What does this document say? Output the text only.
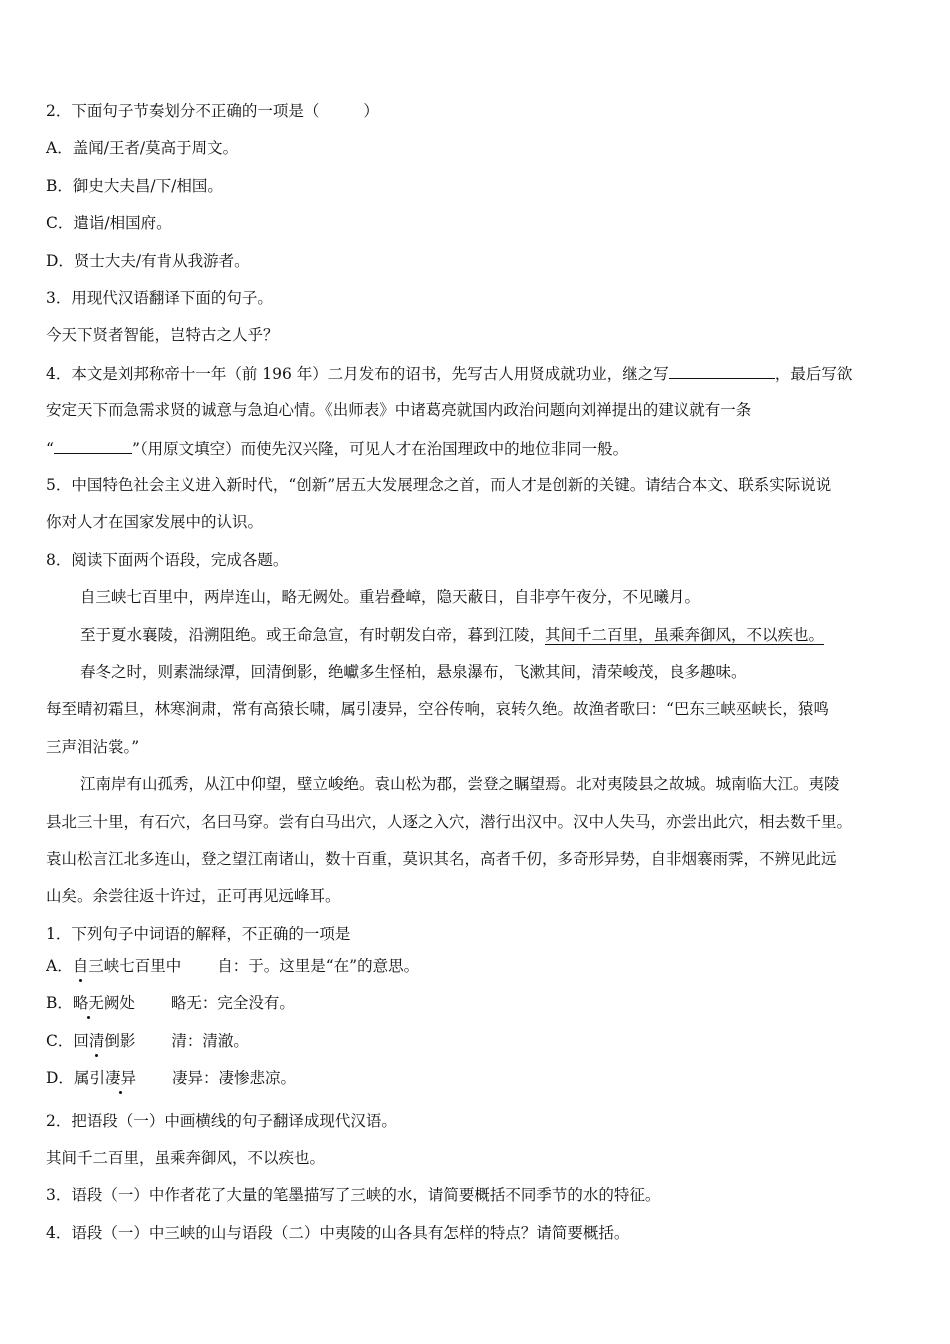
2．下面句子节奏划分不正确的一项是（	）
A．盖闻/王者/莫高于周文。
B．御史大夫昌/下/相国。
C．遣诣/相国府。
D．贤士大夫/有肯从我游者。
3．用现代汉语翻译下面的句子。
今天下贤者智能，岂特古之人乎？
4．本文是刘邦称帝十一年（前 196 年）二月发布的诏书，先写古人用贤成就功业，继之写	，最后写欲
安定天下而急需求贤的诚意与急迫心情。《出师表》中诸葛亮就国内政治问题向刘禅提出的建议就有一条
“	”（用原文填空）而使先汉兴隆，可见人才在治国理政中的地位非同一般。
5．中国特色社会主义进入新时代，“创新”居五大发展理念之首，而人才是创新的关键。请结合本文、联系实际说说
你对人才在国家发展中的认识。
8．阅读下面两个语段，完成各题。
自三峡七百里中，两岸连山，略无阙处。重岩叠嶂，隐天蔽日，自非亭午夜分，不见曦月。
至于夏水襄陵，沿溯阻绝。或王命急宣，有时朝发白帝，暮到江陵，其间千二百里，虽乘奔御风，不以疾也。
春冬之时，则素湍绿潭，回清倒影，绝巘多生怪柏，悬泉瀑布，飞漱其间，清荣峻茂，良多趣味。
每至晴初霜旦，林寒涧肃，常有高猿长啸，属引凄异，空谷传响，哀转久绝。故渔者歌曰：“巴东三峡巫峡长，猿鸣
三声泪沾裳。”
江南岸有山孤秀，从江中仰望，壁立峻绝。袁山松为郡，尝登之瞩望焉。北对夷陵县之故城。城南临大江。夷陵
县北三十里，有石穴，名曰马穿。尝有白马出穴，人逐之入穴，潜行出汉中。汉中人失马，亦尝出此穴，相去数千里。
袁山松言江北多连山，登之望江南诸山，数十百重，莫识其名，高者千仞，多奇形异势，自非烟褰雨霁，不辨见此远
山矣。余尝往返十许过，正可再见远峰耳。
1．下列句子中词语的解释，不正确的一项是
A．自三峡七百里中 自：于。这里是“在”的意思。
B．略无阙处 略无：完全没有。
C．回清倒影 清：清澈。
D．属引凄异 凄异：凄惨悲凉。
2．把语段（一）中画横线的句子翻译成现代汉语。
其间千二百里，虽乘奔御风，不以疾也。
3．语段（一）中作者花了大量的笔墨描写了三峡的水，请简要概括不同季节的水的特征。
4．语段（一）中三峡的山与语段（二）中夷陵的山各具有怎样的特点？请简要概括。
